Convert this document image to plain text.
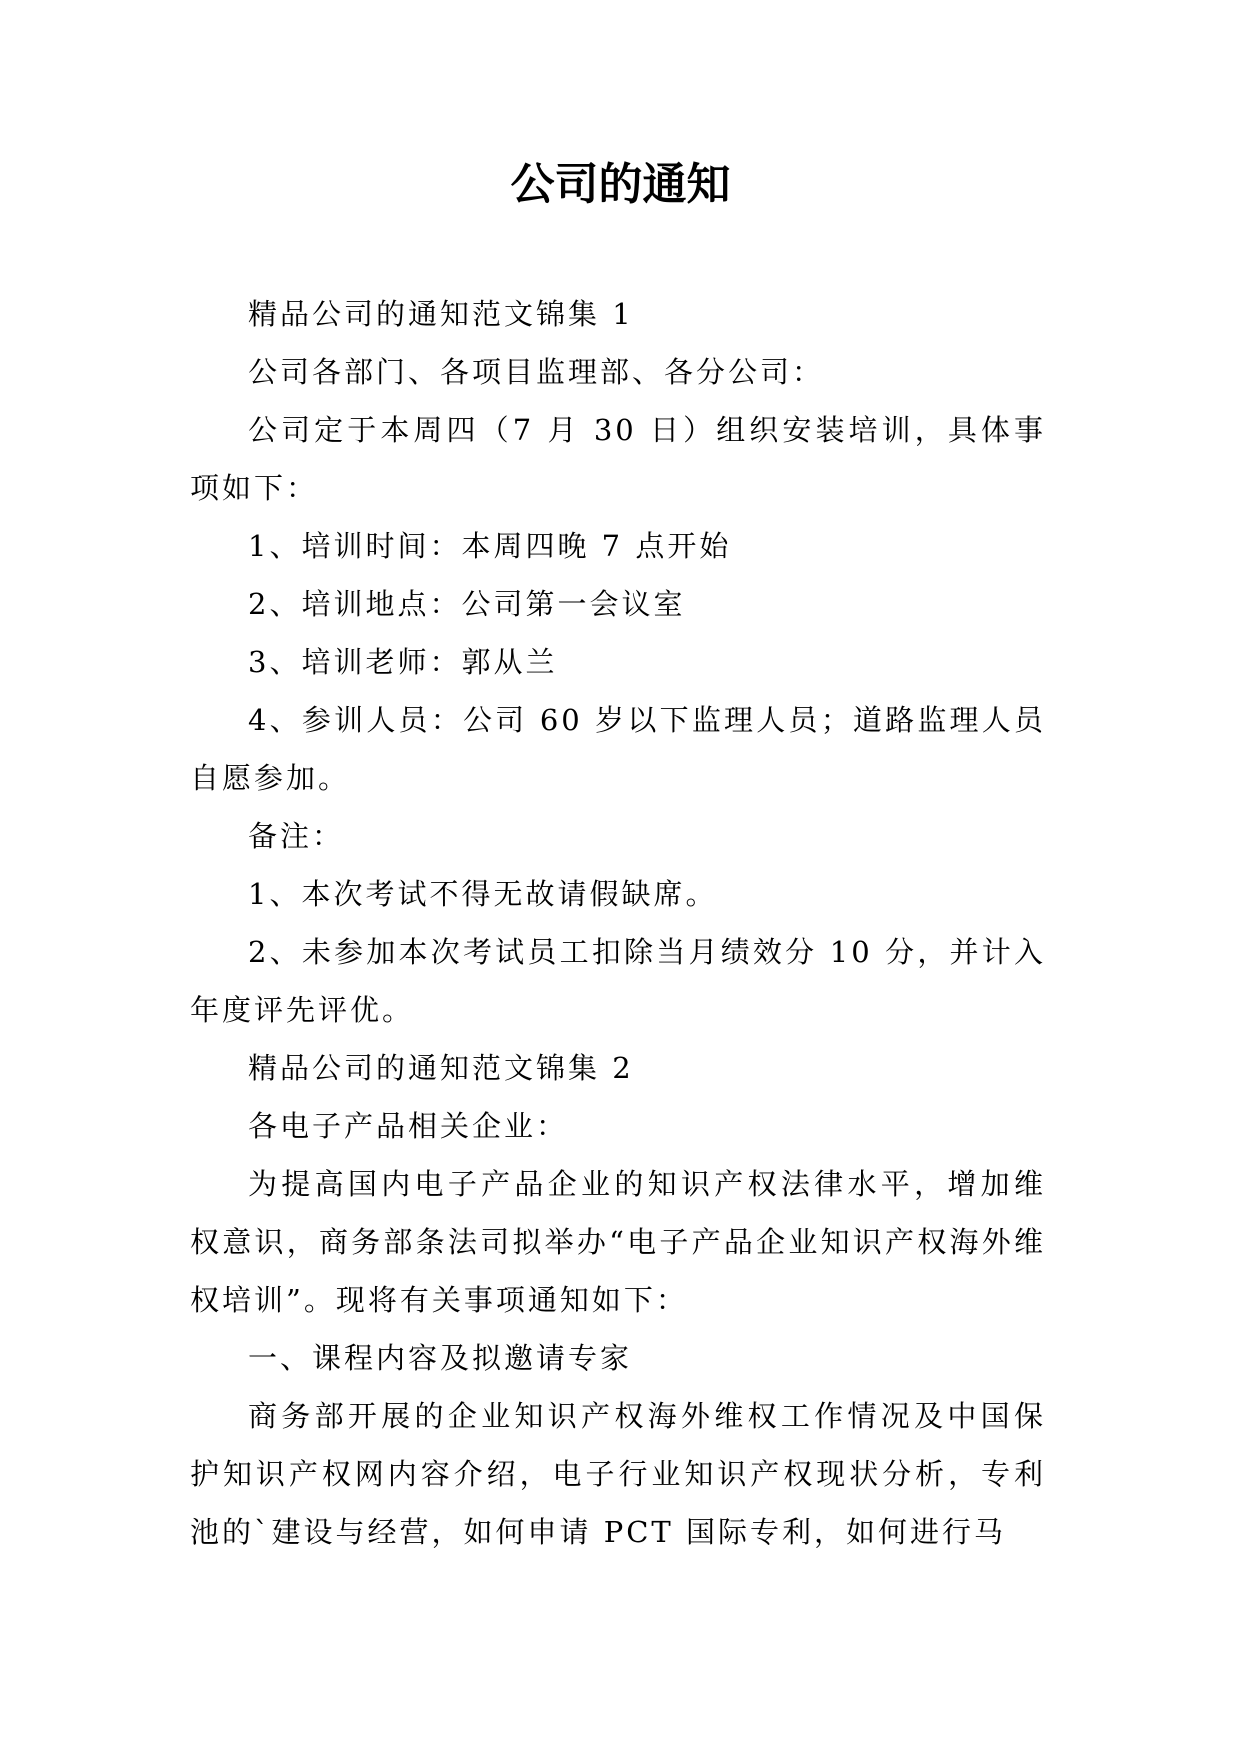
公司的通知

精品公司的通知范文锦集 1

公司各部门、各项目监理部、各分公司：

公司定于本周四（7 月 30 日）组织安装培训，具体事项如下：

1、培训时间：本周四晚 7 点开始

2、培训地点：公司第一会议室

3、培训老师：郭从兰

4、参训人员：公司 60 岁以下监理人员；道路监理人员自愿参加。

备注：

1、本次考试不得无故请假缺席。

2、未参加本次考试员工扣除当月绩效分 10 分，并计入年度评先评优。

精品公司的通知范文锦集 2

各电子产品相关企业：

为提高国内电子产品企业的知识产权法律水平，增加维权意识，商务部条法司拟举办“电子产品企业知识产权海外维权培训”。现将有关事项通知如下：

一、课程内容及拟邀请专家

商务部开展的企业知识产权海外维权工作情况及中国保护知识产权网内容介绍，电子行业知识产权现状分析，专利池的`建设与经营，如何申请 PCT 国际专利，如何进行马
